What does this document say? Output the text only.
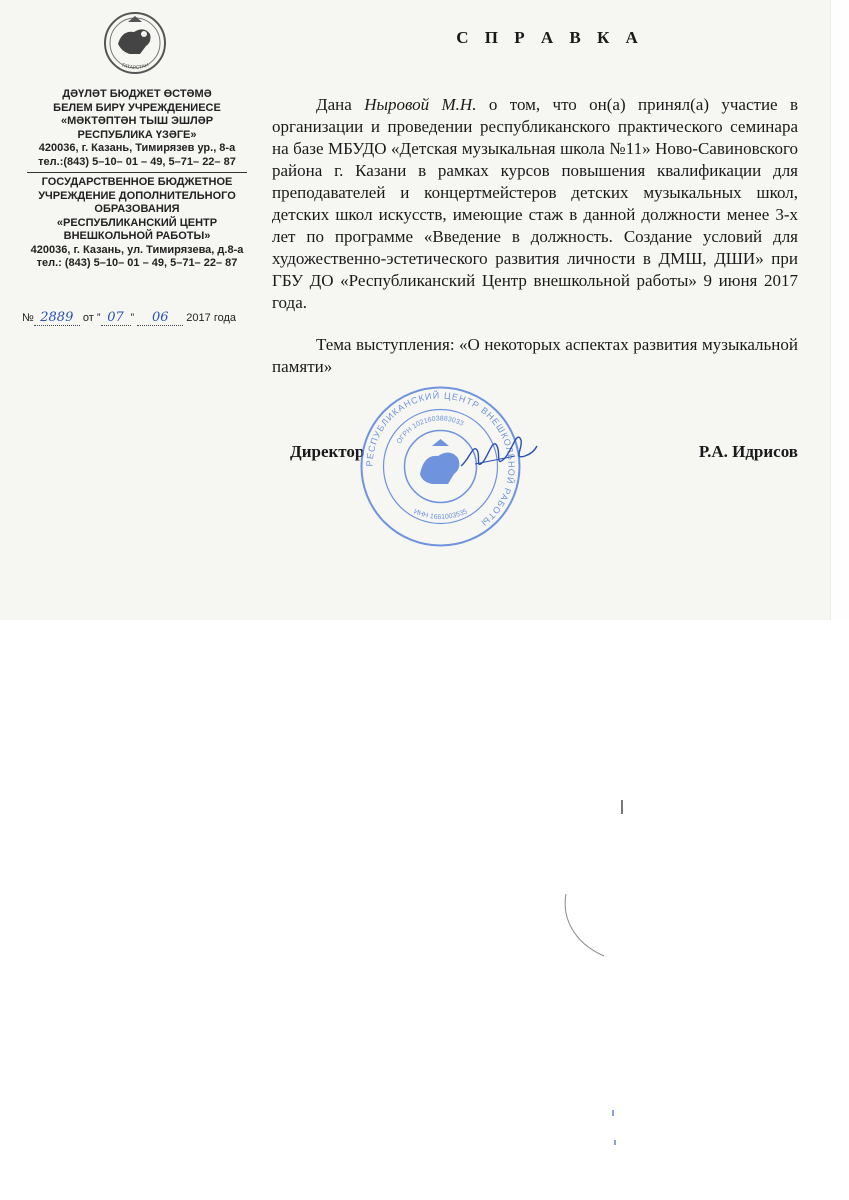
ТАТАРСТАН
ДӘҮЛӘТ БЮДЖЕТ ӨСТӘМӘ
БЕЛЕМ БИРҮ УЧРЕЖДЕНИЕСЕ
«МӘКТӘПТӘН ТЫШ ЭШЛӘР
РЕСПУБЛИКА ҮЗӘГЕ»
420036, г. Казань, Тимирязев ур., 8-а
тел.:(843) 5–10– 01 – 49, 5–71– 22– 87
ГОСУДАРСТВЕННОЕ БЮДЖЕТНОЕ
УЧРЕЖДЕНИЕ ДОПОЛНИТЕЛЬНОГО
ОБРАЗОВАНИЯ
«РЕСПУБЛИКАНСКИЙ ЦЕНТР
ВНЕШКОЛЬНОЙ РАБОТЫ»
420036, г. Казань, ул. Тимирязева, д.8-а
тел.: (843) 5–10– 01 – 49, 5–71– 22– 87
№ 2889 от ” 07 ” 06 2017 года
С П Р А В К А

Дана Ныровой М.Н. о том, что он(а) принял(а) участие в организации и проведении республиканского практического семинара на базе МБУДО «Детская музыкальная школа №11» Ново-Савиновского района г. Казани в рамках курсов повышения квалификации для преподавателей и концертмейстеров детских музыкальных школ, детских школ искусств, имеющие стаж в данной должности менее 3-х лет по программе «Введение в должность. Создание условий для художественно-эстетического развития личности в ДМШ, ДШИ» при ГБУ ДО «Республиканский Центр внешкольной работы» 9 июня 2017 года.

Тема выступления: «О некоторых аспектах развития музыкальной памяти»

Директор	Р.А. Идрисов
РЕСПУБЛИКАНСКИЙ ЦЕНТР ВНЕШКОЛЬНОЙ РАБОТЫ
ОГРН 1021603883033
ИНН 1661003535
